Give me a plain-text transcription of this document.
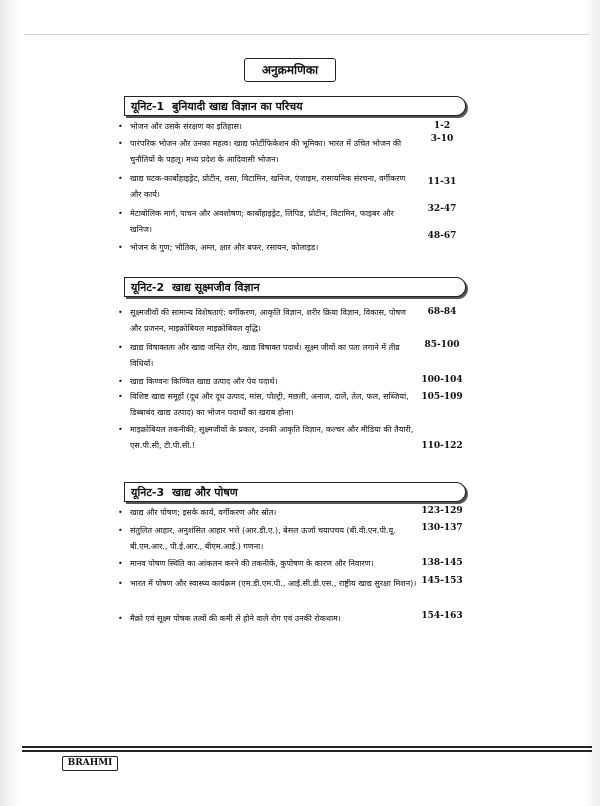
अनुक्रमणिका
यूनिट-1 बुनियादी खाद्य विज्ञान का परिचय
• भोजन और उसके संरक्षण का इतिहास।	1-2
• पारंपरिक भोजन और उनका महत्व। खाद्य फोर्टीफिकेशन की भूमिका। भारत में उचित भोजन की चुनौतियों के पहलू। मध्य प्रदेश के आदिवासी भोजन।
3-10
• खाद्य घटक-कार्बोहाइड्रेट, प्रोटीन, वसा, विटामिन, खनिज, एंजाइम, रासायनिक संरचना, वर्गीकरण और कार्य।
11-31
• मेटाबोलिक मार्ग, पाचन और अवशोषण; कार्बोहाइड्रेट, लिपिड, प्रोटीन, विटामिन, फाइबर और खनिज।
32-47
• भोजन के गुण; भौतिक, अम्ल, क्षार और बफर, रसायन, कोलाइड।
48-67
यूनिट-2 खाद्य सूक्ष्मजीव विज्ञान
• सूक्ष्मजीवों की सामान्य विशेषताएं: वर्गीकरण, आकृति विज्ञान, शरीर क्रिया विज्ञान, विकास, पोषण और प्रजनन, माइक्रोबियल माइक्रोबियल वृद्धि।
68-84
• खाद्य विषाक्तता और खाद्य जनित रोग, खाद्य विषाक्त पदार्थ। सूक्ष्म जीवों का पता लगाने में तीव्र विधियाँ।
85-100
• खाद्य किण्वनः किण्वित खाद्य उत्पाद और पेय पदार्थ।	100-104
• विशिष्ट खाद्य समूहों (दूध और दूध उत्पाद, मांस, पोल्ट्री, मछली, अनाज, दालें, तेल, फल, सब्जियां, डिब्बाबंद खाद्य उत्पाद) का भोजन पदार्थों का खराब होना।
105-109
• माइक्रोबियल तकनीकी; सूक्ष्मजीवों के प्रकार, उनकी आकृति विज्ञान, कल्चर और मीडिया की तैयारी, एस.पी.सी, टी.पी.सी.!	110-122
यूनिट-3 खाद्य और पोषण
• खाद्य और पोषण; इसके कार्य, वर्गीकरण और स्रोत।	123-129
• संतुलित आहार, अनुशंसित आहार भत्ते (आर.डी.ए.), बेसल ऊर्जा चयापचय (बी.वी.एन.पी.यू. बी.एम.आर., पी.ई.आर., बीएम.आई.) गणना।
130-137
• मानव पोषण स्थिति का आंकलन करने की तकनीकें, कुपोषण के कारण और निवारण।	138-145
• भारत में पोषण और स्वास्थ्य कार्यक्रम (एम.डी.एम.पी., आई.सी.डी.एस., राष्ट्रीय खाद्य सुरक्षा मिशन)। 145-153
• मैक्रो एवं सूक्ष्म पोषक तत्वों की कमी से होने वाले रोग एवं उनकी रोकथाम।	154-163
BRAHMI
